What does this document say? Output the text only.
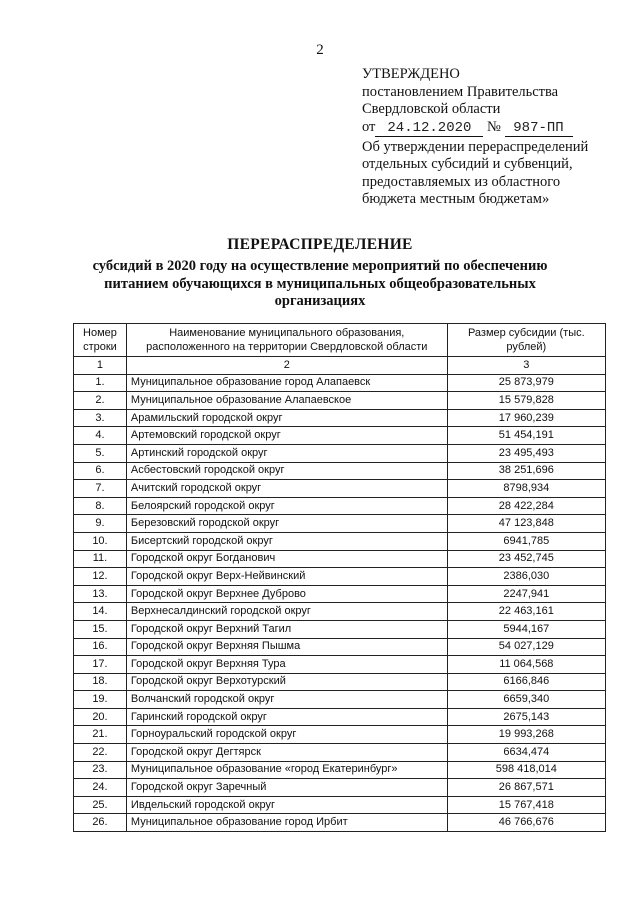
2
УТВЕРЖДЕНО
постановлением Правительства
Свердловской области
от 24.12.2020 № 987-ПП
Об утверждении перераспределений отдельных субсидий и субвенций, предоставляемых из областного бюджета местным бюджетам»
ПЕРЕРАСПРЕДЕЛЕНИЕ
субсидий в 2020 году на осуществление мероприятий по обеспечению питанием обучающихся в муниципальных общеобразовательных организациях
Номер строки	Наименование муниципального образования, расположенного на территории Свердловской области	Размер субсидии (тыс. рублей)
1	2	3
1.	Муниципальное образование город Алапаевск	25 873,979
2.	Муниципальное образование Алапаевское	15 579,828
3.	Арамильский городской округ	17 960,239
4.	Артемовский городской округ	51 454,191
5.	Артинский городской округ	23 495,493
6.	Асбестовский городской округ	38 251,696
7.	Ачитский городской округ	8798,934
8.	Белоярский городской округ	28 422,284
9.	Березовский городской округ	47 123,848
10.	Бисертский городской округ	6941,785
11.	Городской округ Богданович	23 452,745
12.	Городской округ Верх-Нейвинский	2386,030
13.	Городской округ Верхнее Дуброво	2247,941
14.	Верхнесалдинский городской округ	22 463,161
15.	Городской округ Верхний Тагил	5944,167
16.	Городской округ Верхняя Пышма	54 027,129
17.	Городской округ Верхняя Тура	11 064,568
18.	Городской округ Верхотурский	6166,846
19.	Волчанский городской округ	6659,340
20.	Гаринский городской округ	2675,143
21.	Горноуральский городской округ	19 993,268
22.	Городской округ Дегтярск	6634,474
23.	Муниципальное образование «город Екатеринбург»	598 418,014
24.	Городской округ Заречный	26 867,571
25.	Ивдельский городской округ	15 767,418
26.	Муниципальное образование город Ирбит	46 766,676
